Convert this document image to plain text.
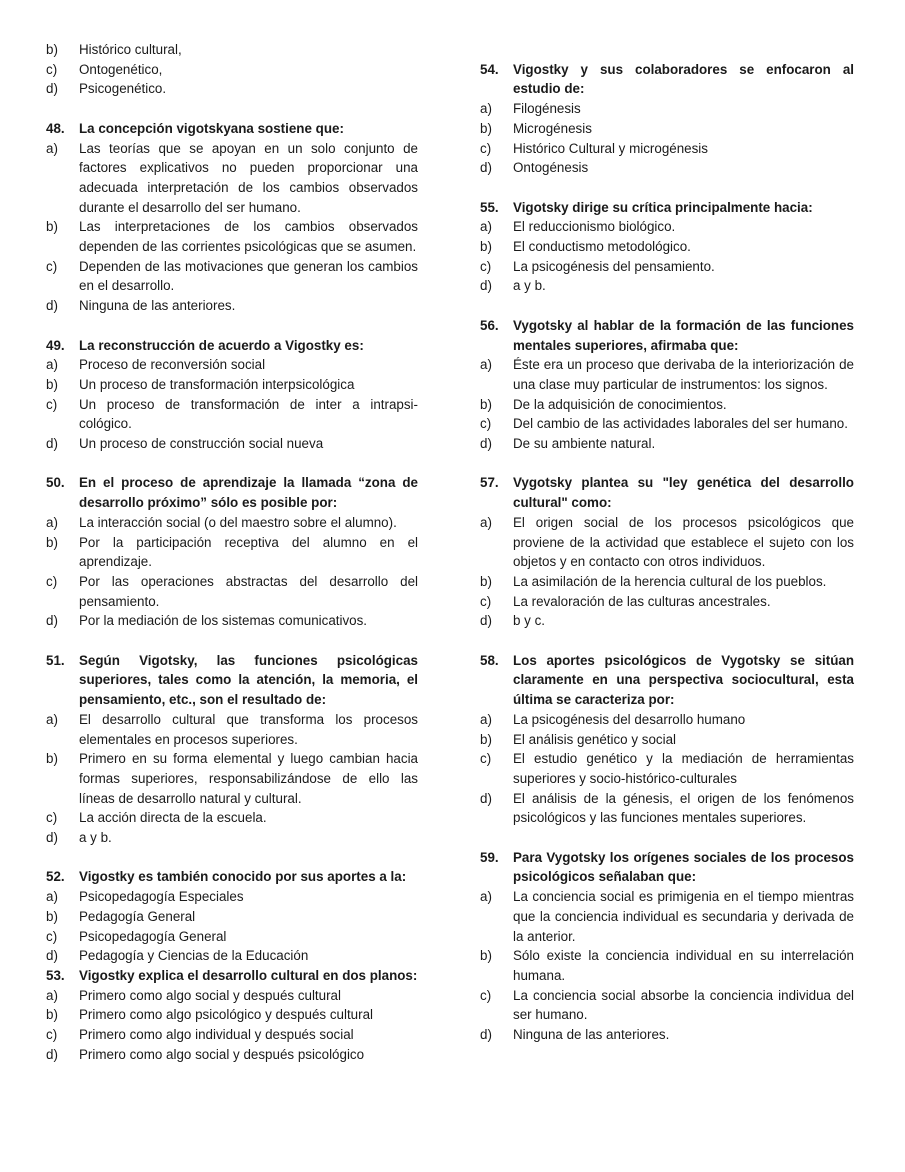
b)	Histórico cultural,
c)	Ontogenético,
d)	Psicogenético.
48.	La concepción vigotskyana sostiene que:
a)	Las teorías que se apoyan en un solo conjunto de factores explicativos no pueden proporcionar una adecuada interpretación de los cambios observados durante el desarrollo del ser humano.
b)	Las interpretaciones de los cambios observados dependen de las corrientes psicológicas que se asumen.
c)	Dependen de las motivaciones que generan los cambios en el desarrollo.
d)	Ninguna de las anteriores.
49.	La reconstrucción de acuerdo a Vigostky es:
a)	Proceso de reconversión social
b)	Un proceso de transformación interpsicológica
c)	Un proceso de transformación de inter a intrapsi-cológico.
d)	Un proceso de construcción social nueva
50.	En el proceso de aprendizaje la llamada “zona de desarrollo próximo” sólo es posible por:
a)	La interacción social (o del maestro sobre el alumno).
b)	Por la participación receptiva del alumno en el aprendizaje.
c)	Por las operaciones abstractas del desarrollo del pensamiento.
d)	Por la mediación de los sistemas comunicativos.
51.	Según Vigotsky, las funciones psicológicas superiores, tales como la atención, la memoria, el pensamiento, etc., son el resultado de:
a)	El desarrollo cultural que transforma los procesos elementales en procesos superiores.
b)	Primero en su forma elemental y luego cambian hacia formas superiores, responsabilizándose de ello las líneas de desarrollo natural y cultural.
c)	La acción directa de la escuela.
d)	a y b.
52.	Vigostky es también conocido por sus aportes a la:
a)	Psicopedagogía Especiales
b)	Pedagogía General
c)	Psicopedagogía General
d)	Pedagogía y Ciencias de la Educación
53.	Vigostky explica el desarrollo cultural en dos planos:
a)	Primero como algo social y después cultural
b)	Primero como algo psicológico y después cultural
c)	Primero como algo individual y después social
d)	Primero como algo social y después psicológico
54.	Vigostky y sus colaboradores se enfocaron al estudio de:
a)	Filogénesis
b)	Microgénesis
c)	Histórico Cultural y microgénesis
d)	Ontogénesis
55.	Vigotsky dirige su crítica principalmente hacia:
a)	El reduccionismo biológico.
b)	El conductismo metodológico.
c)	La psicogénesis del pensamiento.
d)	a y b.
56.	Vygotsky al hablar de la formación de las funciones mentales superiores, afirmaba que:
a)	Éste era un proceso que derivaba de la interiorización de una clase muy particular de instrumentos: los signos.
b)	De la adquisición de conocimientos.
c)	Del cambio de las actividades laborales del ser humano.
d)	De su ambiente natural.
57.	Vygotsky plantea su "ley genética del desarrollo cultural" como:
a)	El origen social de los procesos psicológicos que proviene de la actividad que establece el sujeto con los objetos y en contacto con otros individuos.
b)	La asimilación de la herencia cultural de los pueblos.
c)	La revaloración de las culturas ancestrales.
d)	b y c.
58.	Los aportes psicológicos de Vygotsky se sitúan claramente en una perspectiva sociocultural, esta última se caracteriza por:
a)	La psicogénesis del desarrollo humano
b)	El análisis genético y social
c)	El estudio genético y la mediación de herramientas superiores y socio-histórico-culturales
d)	El análisis de la génesis, el origen de los fenómenos psicológicos y las funciones mentales superiores.
59.	Para Vygotsky los orígenes sociales de los procesos psicológicos señalaban que:
a)	La conciencia social es primigenia en el tiempo mientras que la conciencia individual es secundaria y derivada de la anterior.
b)	Sólo existe la conciencia individual en su interrelación humana.
c)	La conciencia social absorbe la conciencia individua del ser humano.
d)	Ninguna de las anteriores.
